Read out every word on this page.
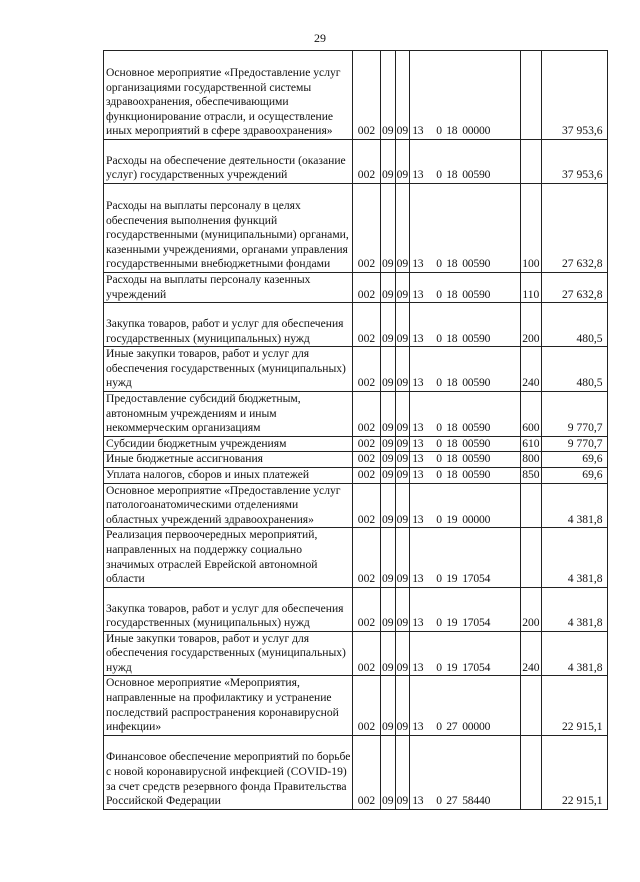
29
Основное мероприятие «Предоставление услуг организациями государственной системы здравоохранения, обеспечивающими функционирование отрасли, и осуществление иных мероприятий в сфере здравоохранения»	002	09	09	13 0 18 00000		37 953,6
Расходы на обеспечение деятельности (оказание услуг) государственных учреждений	002	09	09	13 0 18 00590		37 953,6
Расходы на выплаты персоналу в целях обеспечения выполнения функций государственными (муниципальными) органами, казенными учреждениями, органами управления государственными внебюджетными фондами	002	09	09	13 0 18 00590	100	27 632,8
Расходы на выплаты персоналу казенных учреждений	002	09	09	13 0 18 00590	110	27 632,8
Закупка товаров, работ и услуг для обеспечения государственных (муниципальных) нужд	002	09	09	13 0 18 00590	200	480,5
Иные закупки товаров, работ и услуг для обеспечения государственных (муниципальных) нужд	002	09	09	13 0 18 00590	240	480,5
Предоставление субсидий бюджетным, автономным учреждениям и иным некоммерческим организациям	002	09	09	13 0 18 00590	600	9 770,7
Субсидии бюджетным учреждениям	002	09	09	13 0 18 00590	610	9 770,7
Иные бюджетные ассигнования	002	09	09	13 0 18 00590	800	69,6
Уплата налогов, сборов и иных платежей	002	09	09	13 0 18 00590	850	69,6
Основное мероприятие «Предоставление услуг патологоанатомическими отделениями областных учреждений здравоохранения»	002	09	09	13 0 19 00000		4 381,8
Реализация первоочередных мероприятий, направленных на поддержку социально значимых отраслей Еврейской автономной области	002	09	09	13 0 19 17054		4 381,8
Закупка товаров, работ и услуг для обеспечения государственных (муниципальных) нужд	002	09	09	13 0 19 17054	200	4 381,8
Иные закупки товаров, работ и услуг для обеспечения государственных (муниципальных) нужд	002	09	09	13 0 19 17054	240	4 381,8
Основное мероприятие «Мероприятия, направленные на профилактику и устранение последствий распространения коронавирусной инфекции»	002	09	09	13 0 27 00000		22 915,1
Финансовое обеспечение мероприятий по борьбе с новой коронавирусной инфекцией (COVID-19) за счет средств резервного фонда Правительства Российской Федерации	002	09	09	13 0 27 58440		22 915,1
